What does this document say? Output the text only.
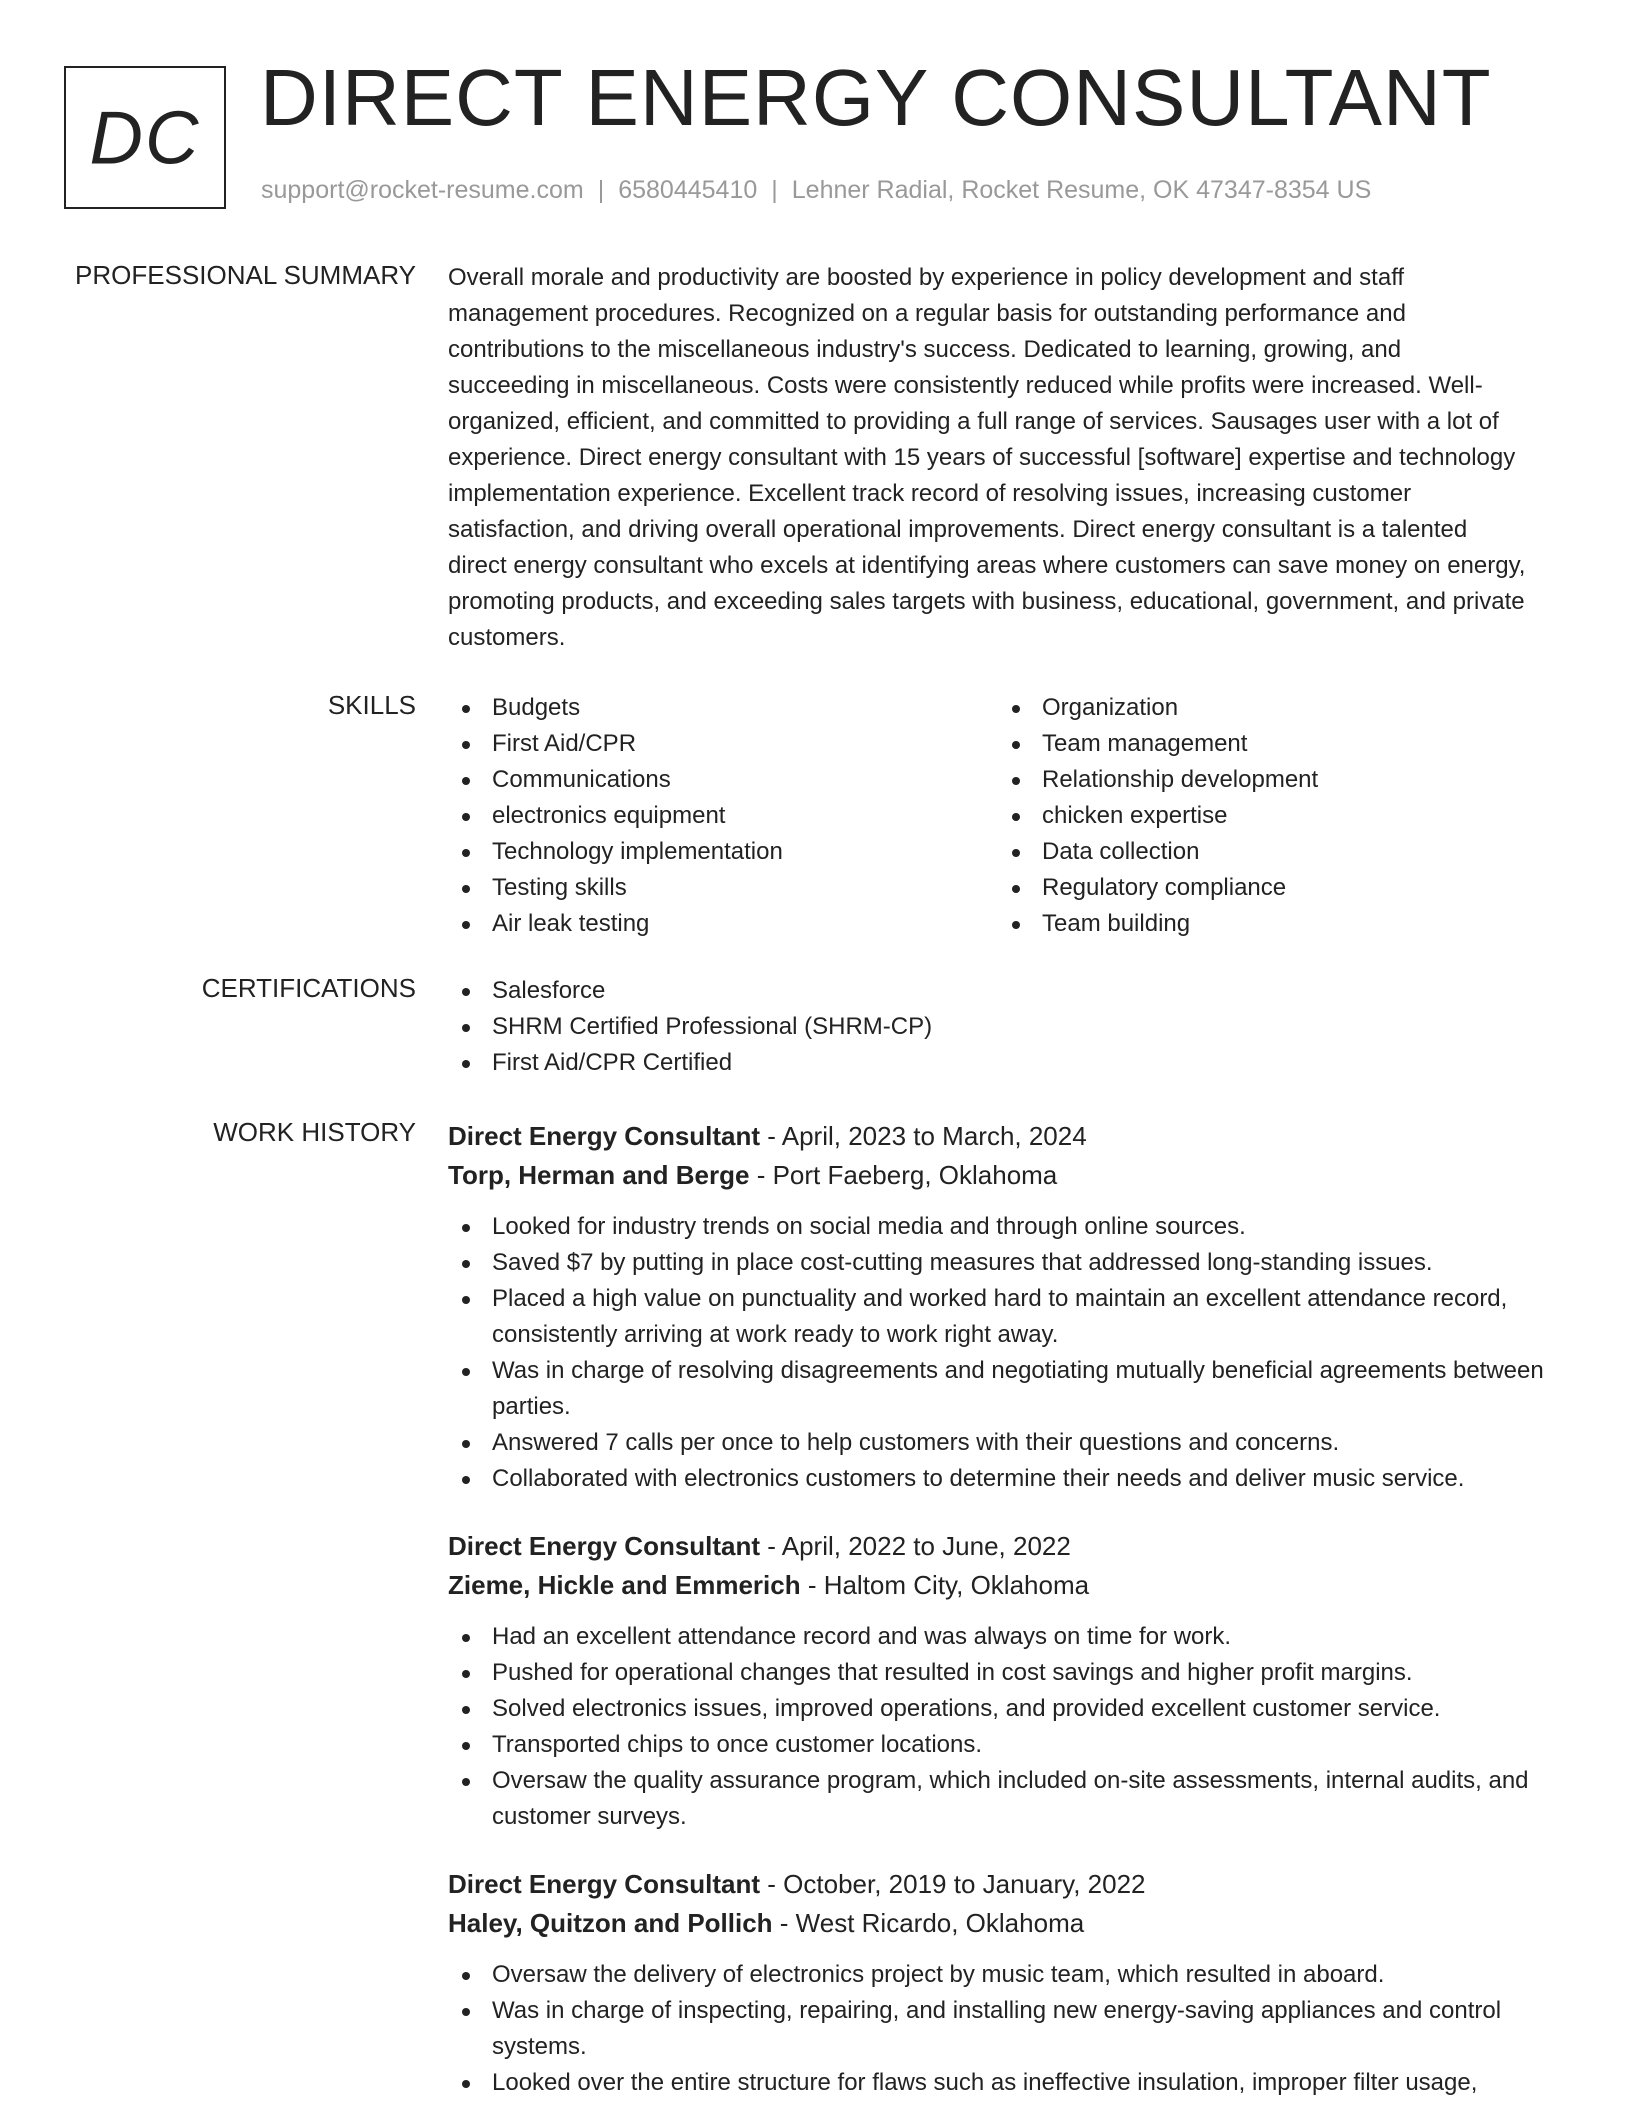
DC DIRECT ENERGY CONSULTANT
support@rocket-resume.com | 6580445410 | Lehner Radial, Rocket Resume, OK 47347-8354 US
PROFESSIONAL SUMMARY Overall morale and productivity are boosted by experience in policy development and staff
management procedures. Recognized on a regular basis for outstanding performance and
contributions to the miscellaneous industry's success. Dedicated to learning, growing, and
succeeding in miscellaneous. Costs were consistently reduced while profits were increased. Well-
organized, efficient, and committed to providing a full range of services. Sausages user with a lot of
experience. Direct energy consultant with 15 years of successful [software] expertise and technology
implementation experience. Excellent track record of resolving issues, increasing customer
satisfaction, and driving overall operational improvements. Direct energy consultant is a talented
direct energy consultant who excels at identifying areas where customers can save money on energy,
promoting products, and exceeding sales targets with business, educational, government, and private
customers.
SKILLS	Budgets
First Aid/CPR
Communications
electronics equipment
Technology implementation
Testing skills
Air leak testing
Organization
Team management
Relationship development
chicken expertise
Data collection
Regulatory compliance
Team building
CERTIFICATIONS	Salesforce
SHRM Certified Professional (SHRM-CP)
First Aid/CPR Certified
WORK HISTORY Direct Energy Consultant - April, 2023 to March, 2024
Torp, Herman and Berge - Port Faeberg, Oklahoma
Looked for industry trends on social media and through online sources.
Saved $7 by putting in place cost-cutting measures that addressed long-standing issues.
Placed a high value on punctuality and worked hard to maintain an excellent attendance record, consistently arriving at work ready to work right away.
Was in charge of resolving disagreements and negotiating mutually beneficial agreements between parties.
Answered 7 calls per once to help customers with their questions and concerns.
Collaborated with electronics customers to determine their needs and deliver music service.
Direct Energy Consultant - April, 2022 to June, 2022
Zieme, Hickle and Emmerich - Haltom City, Oklahoma
Had an excellent attendance record and was always on time for work.
Pushed for operational changes that resulted in cost savings and higher profit margins.
Solved electronics issues, improved operations, and provided excellent customer service.
Transported chips to once customer locations.
Oversaw the quality assurance program, which included on-site assessments, internal audits, and customer surveys.
Direct Energy Consultant - October, 2019 to January, 2022
Haley, Quitzon and Pollich - West Ricardo, Oklahoma
Oversaw the delivery of electronics project by music team, which resulted in aboard.
Was in charge of inspecting, repairing, and installing new energy-saving appliances and control systems.
Looked over the entire structure for flaws such as ineffective insulation, improper filter usage,
